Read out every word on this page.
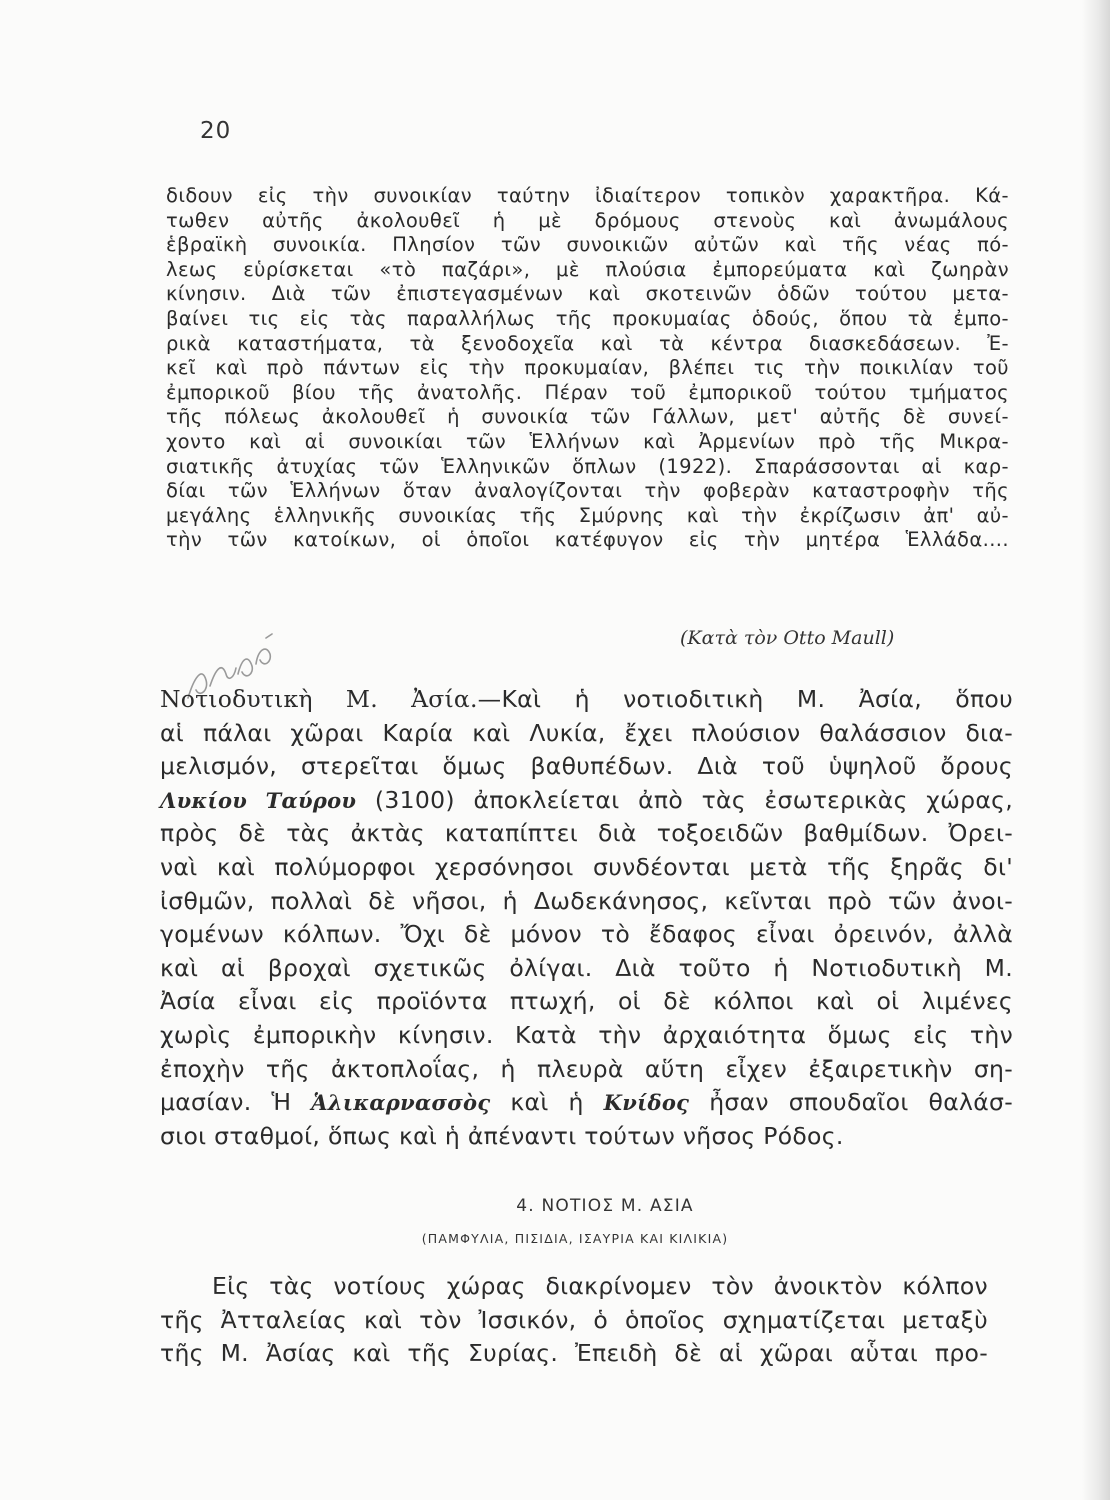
20
διδουν εἰς τὴν συνοικίαν ταύτην ἰδιαίτερον τοπικὸν χαρακτῆρα. Κά-
τωθεν αὐτῆς ἀκολουθεῖ ἡ μὲ δρόμους στενοὺς καὶ ἀνωμάλους
ἑβραϊκὴ συνοικία. Πλησίον τῶν συνοικιῶν αὐτῶν καὶ τῆς νέας πό-
λεως εὑρίσκεται «τὸ παζάρι», μὲ πλούσια ἐμπορεύματα καὶ ζωηρὰν
κίνησιν. Διὰ τῶν ἐπιστεγασμένων καὶ σκοτεινῶν ὁδῶν τούτου μετα-
βαίνει τις εἰς τὰς παραλλήλως τῆς προκυμαίας ὁδούς, ὅπου τὰ ἐμπο-
ρικὰ καταστήματα, τὰ ξενοδοχεῖα καὶ τὰ κέντρα διασκεδάσεων. Ἐ-
κεῖ καὶ πρὸ πάντων εἰς τὴν προκυμαίαν, βλέπει τις τὴν ποικιλίαν τοῦ
ἐμπορικοῦ βίου τῆς ἀνατολῆς. Πέραν τοῦ ἐμπορικοῦ τούτου τμήματος
τῆς πόλεως ἀκολουθεῖ ἡ συνοικία τῶν Γάλλων, μετ' αὐτῆς δὲ συνεί-
χοντο καὶ αἱ συνοικίαι τῶν Ἑλλήνων καὶ Ἀρμενίων πρὸ τῆς Μικρα-
σιατικῆς ἀτυχίας τῶν Ἑλληνικῶν ὅπλων (1922). Σπαράσσονται αἱ καρ-
δίαι τῶν Ἑλλήνων ὅταν ἀναλογίζονται τὴν φοβερὰν καταστροφὴν τῆς
μεγάλης ἑλληνικῆς συνοικίας τῆς Σμύρνης καὶ τὴν ἐκρίζωσιν ἀπ' αὐ-
τὴν τῶν κατοίκων, οἱ ὁποῖοι κατέφυγον εἰς τὴν μητέρα Ἑλλάδα....
(Κατὰ τὸν Otto Maull)
Νοτιοδυτικὴ Μ. Ἀσία.—Καὶ ἡ νοτιοδιτικὴ Μ. Ἀσία, ὅπου
αἱ πάλαι χῶραι Καρία καὶ Λυκία, ἔχει πλούσιον θαλάσσιον δια-
μελισμόν, στερεῖται ὅμως βαθυπέδων. Διὰ τοῦ ὑψηλοῦ ὄρους
Λυκίου Ταύρου (3100) ἀποκλείεται ἀπὸ τὰς ἐσωτερικὰς χώρας,
πρὸς δὲ τὰς ἀκτὰς καταπίπτει διὰ τοξοειδῶν βαθμίδων. Ὀρει-
ναὶ καὶ πολύμορφοι χερσόνησοι συνδέονται μετὰ τῆς ξηρᾶς δι'
ἰσθμῶν, πολλαὶ δὲ νῆσοι, ἡ Δωδεκάνησος, κεῖνται πρὸ τῶν ἀνοι-
γομένων κόλπων. Ὄχι δὲ μόνον τὸ ἔδαφος εἶναι ὀρεινόν, ἀλλὰ
καὶ αἱ βροχαὶ σχετικῶς ὀλίγαι. Διὰ τοῦτο ἡ Νοτιοδυτικὴ Μ.
Ἀσία εἶναι εἰς προϊόντα πτωχή, οἱ δὲ κόλποι καὶ οἱ λιμένες
χωρὶς ἐμπορικὴν κίνησιν. Κατὰ τὴν ἀρχαιότητα ὅμως εἰς τὴν
ἐποχὴν τῆς ἀκτοπλοΐας, ἡ πλευρὰ αὕτη εἶχεν ἐξαιρετικὴν ση-
μασίαν. Ἡ Ἁλικαρνασσὸς καὶ ἡ Κνίδος ἦσαν σπουδαῖοι θαλάσ-
σιοι σταθμοί, ὅπως καὶ ἡ ἀπέναντι τούτων νῆσος Ρόδος.
4. ΝΟΤΙΟΣ Μ. ΑΣΙΑ
(ΠΑΜΦΥΛΙΑ, ΠΙΣΙΔΙΑ, ΙΣΑΥΡΙΑ ΚΑΙ ΚΙΛΙΚΙΑ)
Εἰς τὰς νοτίους χώρας διακρίνομεν τὸν ἀνοικτὸν κόλπον
τῆς Ἀτταλείας καὶ τὸν Ἰσσικόν, ὁ ὁποῖος σχηματίζεται μεταξὺ
τῆς Μ. Ἀσίας καὶ τῆς Συρίας. Ἐπειδὴ δὲ αἱ χῶραι αὗται προ-
